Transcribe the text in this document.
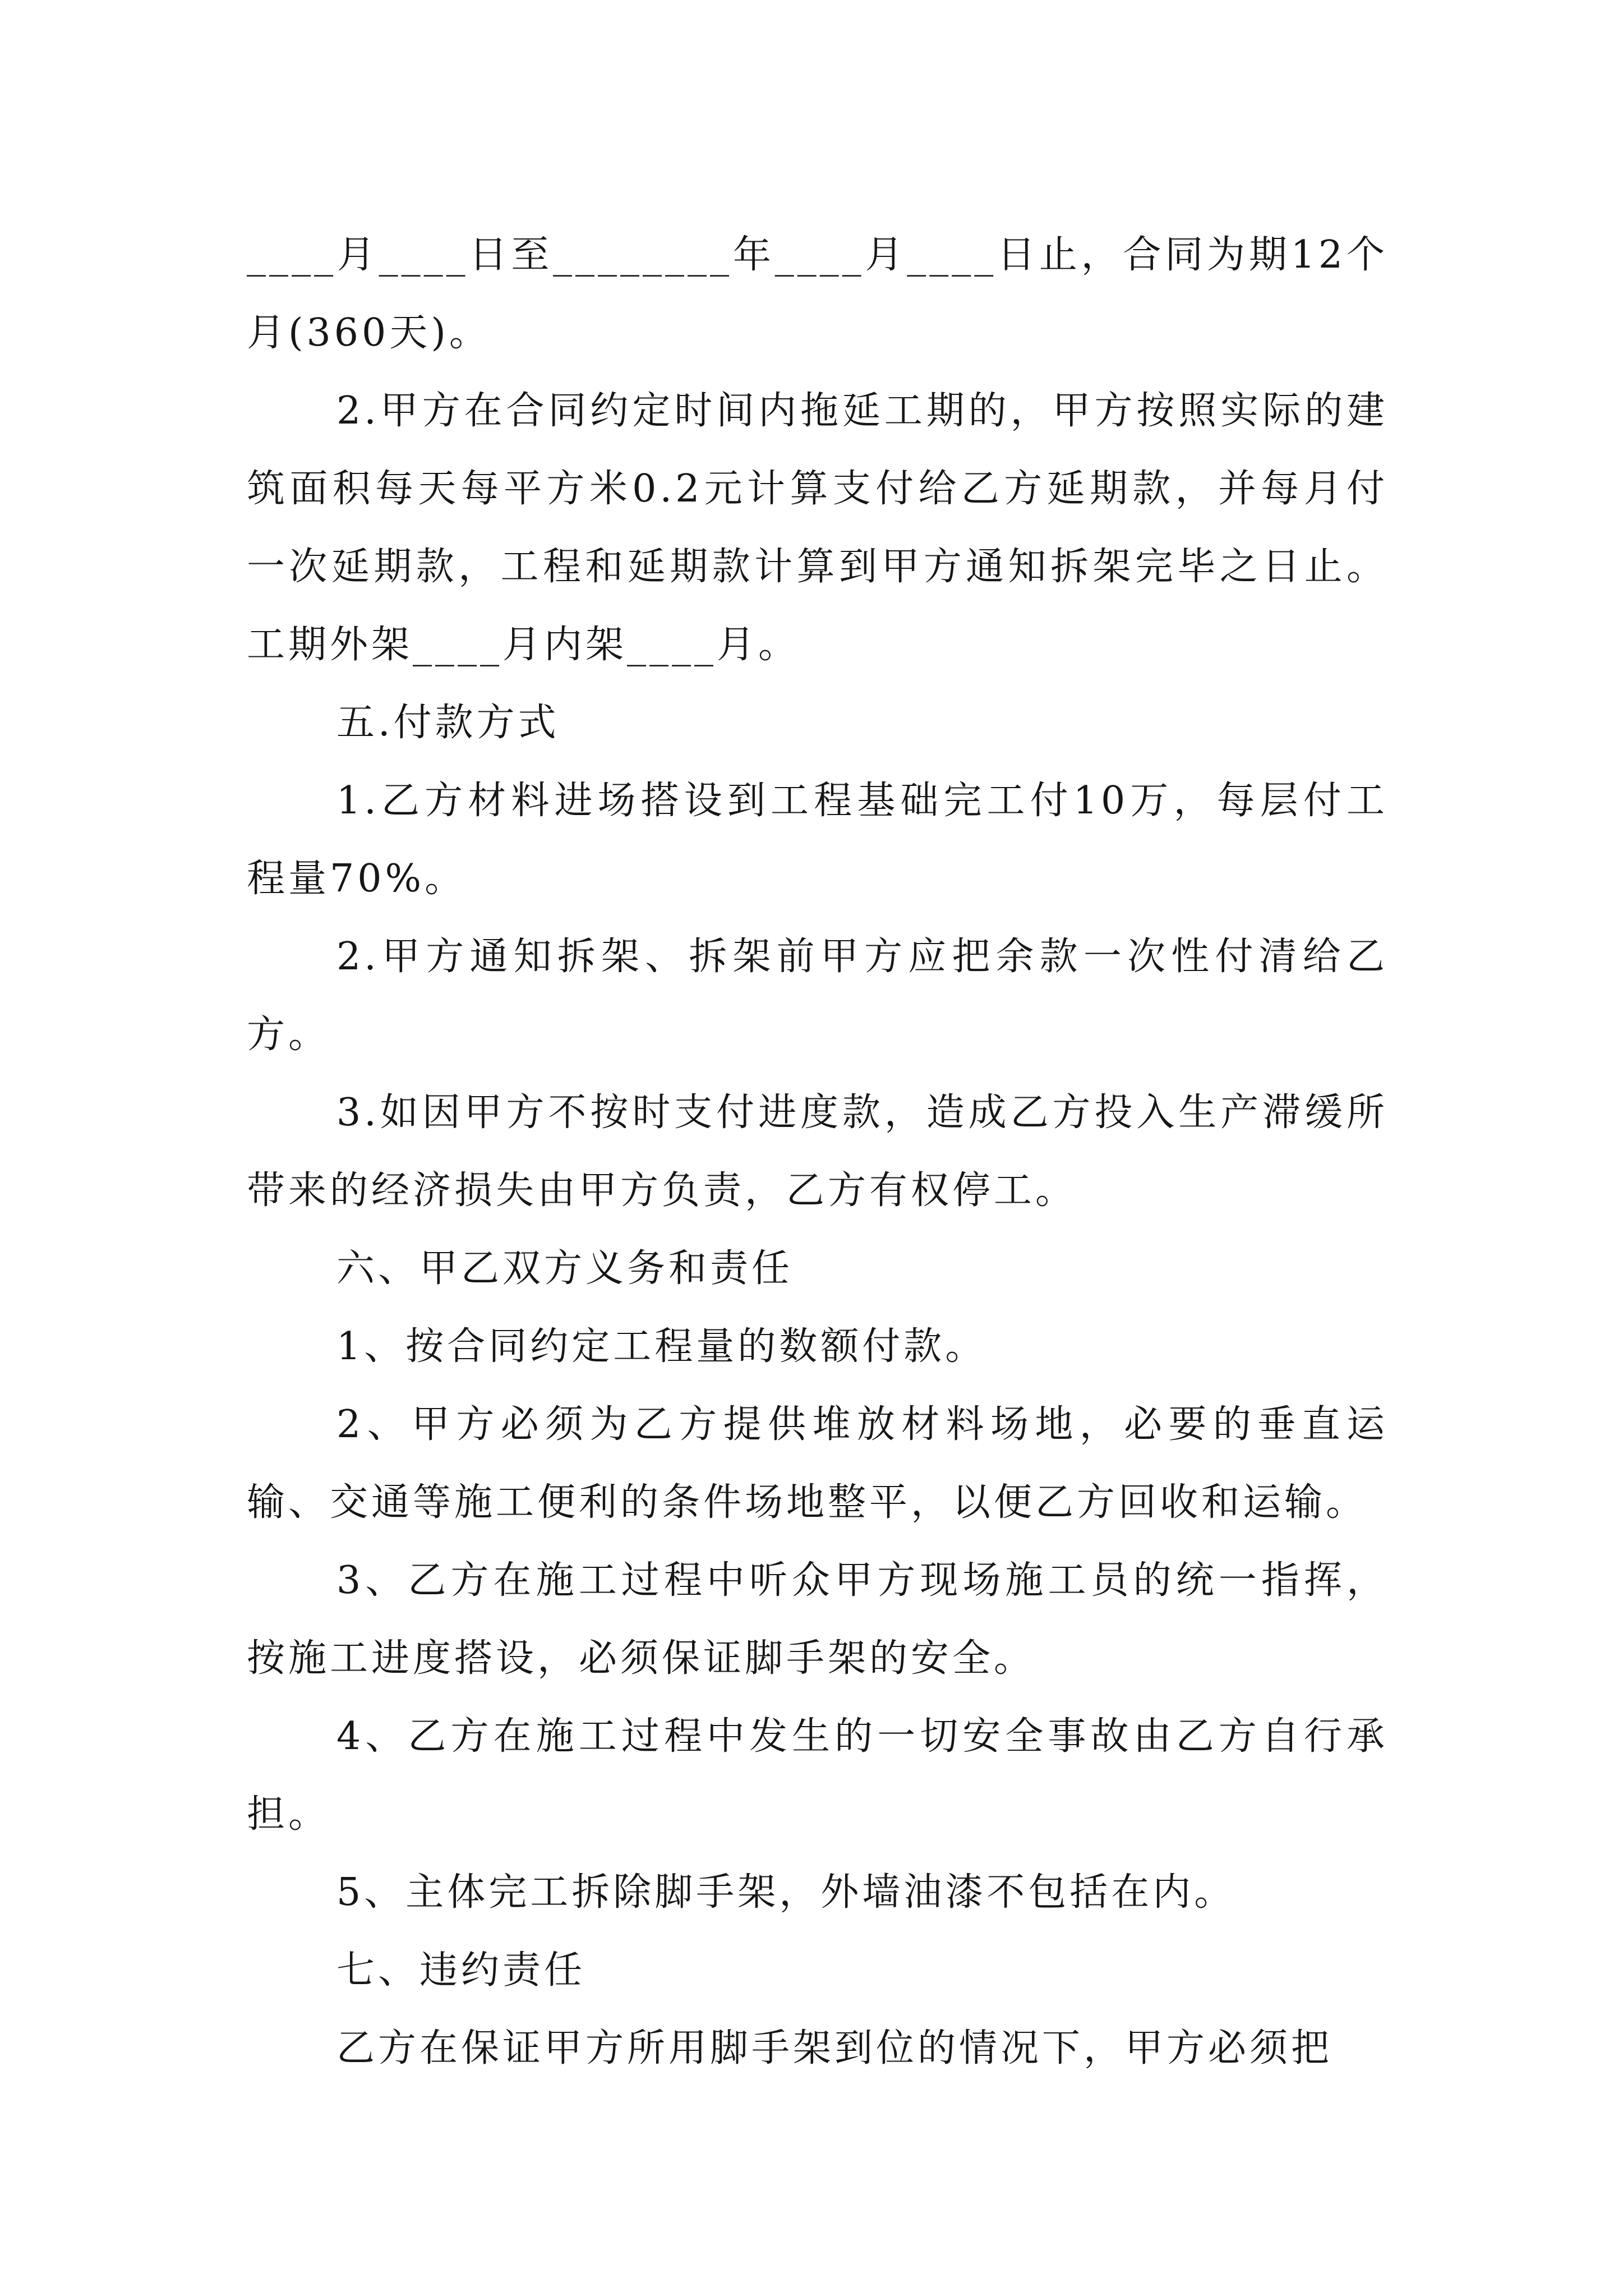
____月____日至________年____月____日止，合同为期12个月(360天)。

2.甲方在合同约定时间内拖延工期的，甲方按照实际的建筑面积每天每平方米0.2元计算支付给乙方延期款，并每月付一次延期款，工程和延期款计算到甲方通知拆架完毕之日止。工期外架____月内架____月。

五.付款方式

1.乙方材料进场搭设到工程基础完工付10万，每层付工程量70%。

2.甲方通知拆架、拆架前甲方应把余款一次性付清给乙方。

3.如因甲方不按时支付进度款，造成乙方投入生产滞缓所带来的经济损失由甲方负责，乙方有权停工。

六、甲乙双方义务和责任

1、按合同约定工程量的数额付款。

2、甲方必须为乙方提供堆放材料场地，必要的垂直运输、交通等施工便利的条件场地整平，以便乙方回收和运输。

3、乙方在施工过程中听众甲方现场施工员的统一指挥，按施工进度搭设，必须保证脚手架的安全。

4、乙方在施工过程中发生的一切安全事故由乙方自行承担。

5、主体完工拆除脚手架，外墙油漆不包括在内。

七、违约责任

乙方在保证甲方所用脚手架到位的情况下，甲方必须把
